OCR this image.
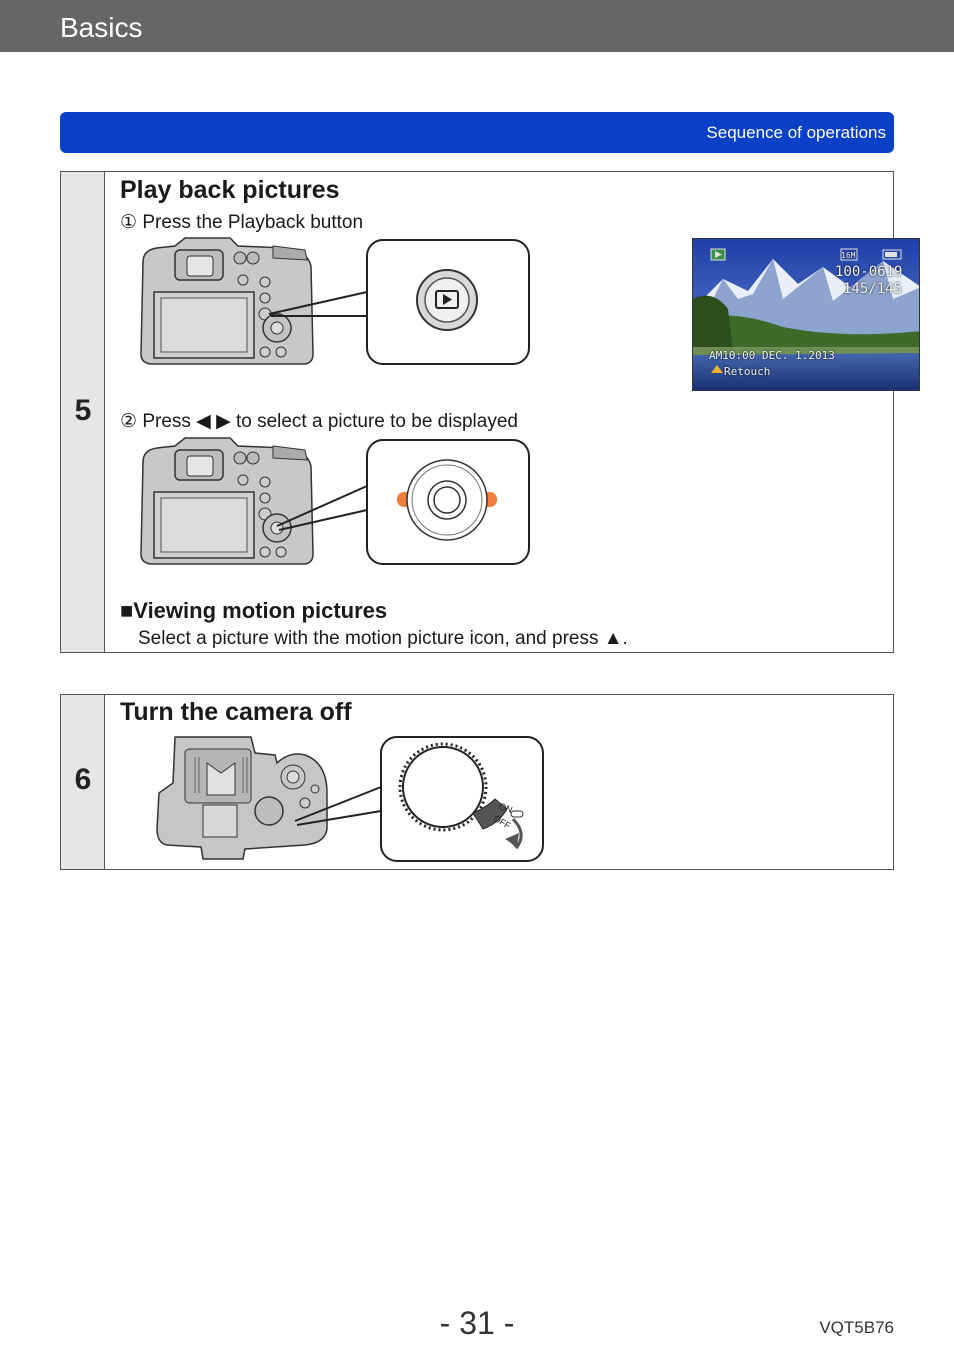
Basics
Sequence of operations
5
Play back pictures
① Press the Playback button
16M
100-0619
145/145
AM10:00 DEC. 1.2013
Retouch
② Press ◀ ▶ to select a picture to be displayed
■Viewing motion pictures
Select a picture with the motion picture icon, and press ▲.
6
Turn the camera off
ON
OFF
- 31 -	VQT5B76
